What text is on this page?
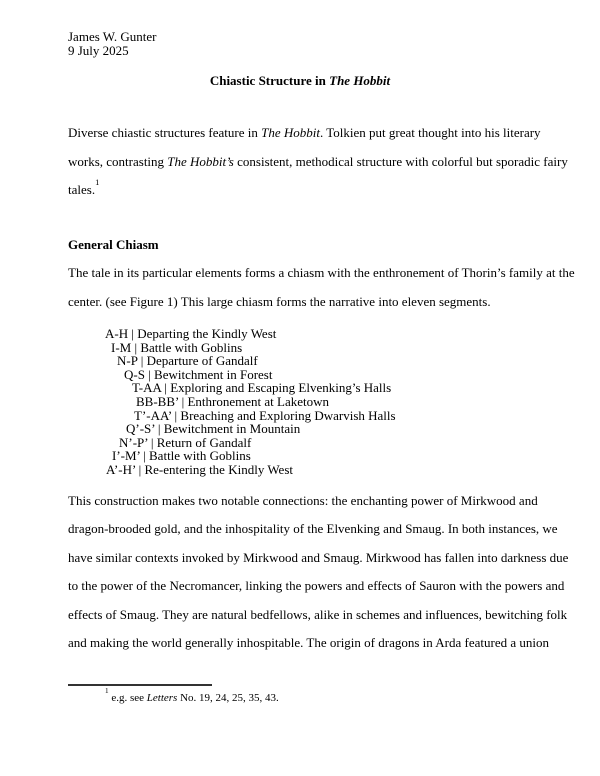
James W. Gunter
9 July 2025
Chiastic Structure in The Hobbit
Diverse chiastic structures feature in The Hobbit. Tolkien put great thought into his literary
works, contrasting The Hobbit’s consistent, methodical structure with colorful but sporadic fairy
tales.$^1$
General Chiasm
The tale in its particular elements forms a chiasm with the enthronement of Thorin’s family at the
center. (see Figure 1) This large chiasm forms the narrative into eleven segments.
A-H | Departing the Kindly West
I-M | Battle with Goblins
N-P | Departure of Gandalf
Q-S | Bewitchment in Forest
T-AA | Exploring and Escaping Elvenking’s Halls
BB-BB’ | Enthronement at Laketown
T’-AA’ | Breaching and Exploring Dwarvish Halls
Q’-S’ | Bewitchment in Mountain
N’-P’ | Return of Gandalf
I’-M’ | Battle with Goblins
A’-H’ | Re-entering the Kindly West
This construction makes two notable connections: the enchanting power of Mirkwood and
dragon-brooded gold, and the inhospitality of the Elvenking and Smaug. In both instances, we
have similar contexts invoked by Mirkwood and Smaug. Mirkwood has fallen into darkness due
to the power of the Necromancer, linking the powers and effects of Sauron with the powers and
effects of Smaug. They are natural bedfellows, alike in schemes and influences, bewitching folk
and making the world generally inhospitable. The origin of dragons in Arda featured a union
$^1$ e.g. see Letters No. 19, 24, 25, 35, 43.
